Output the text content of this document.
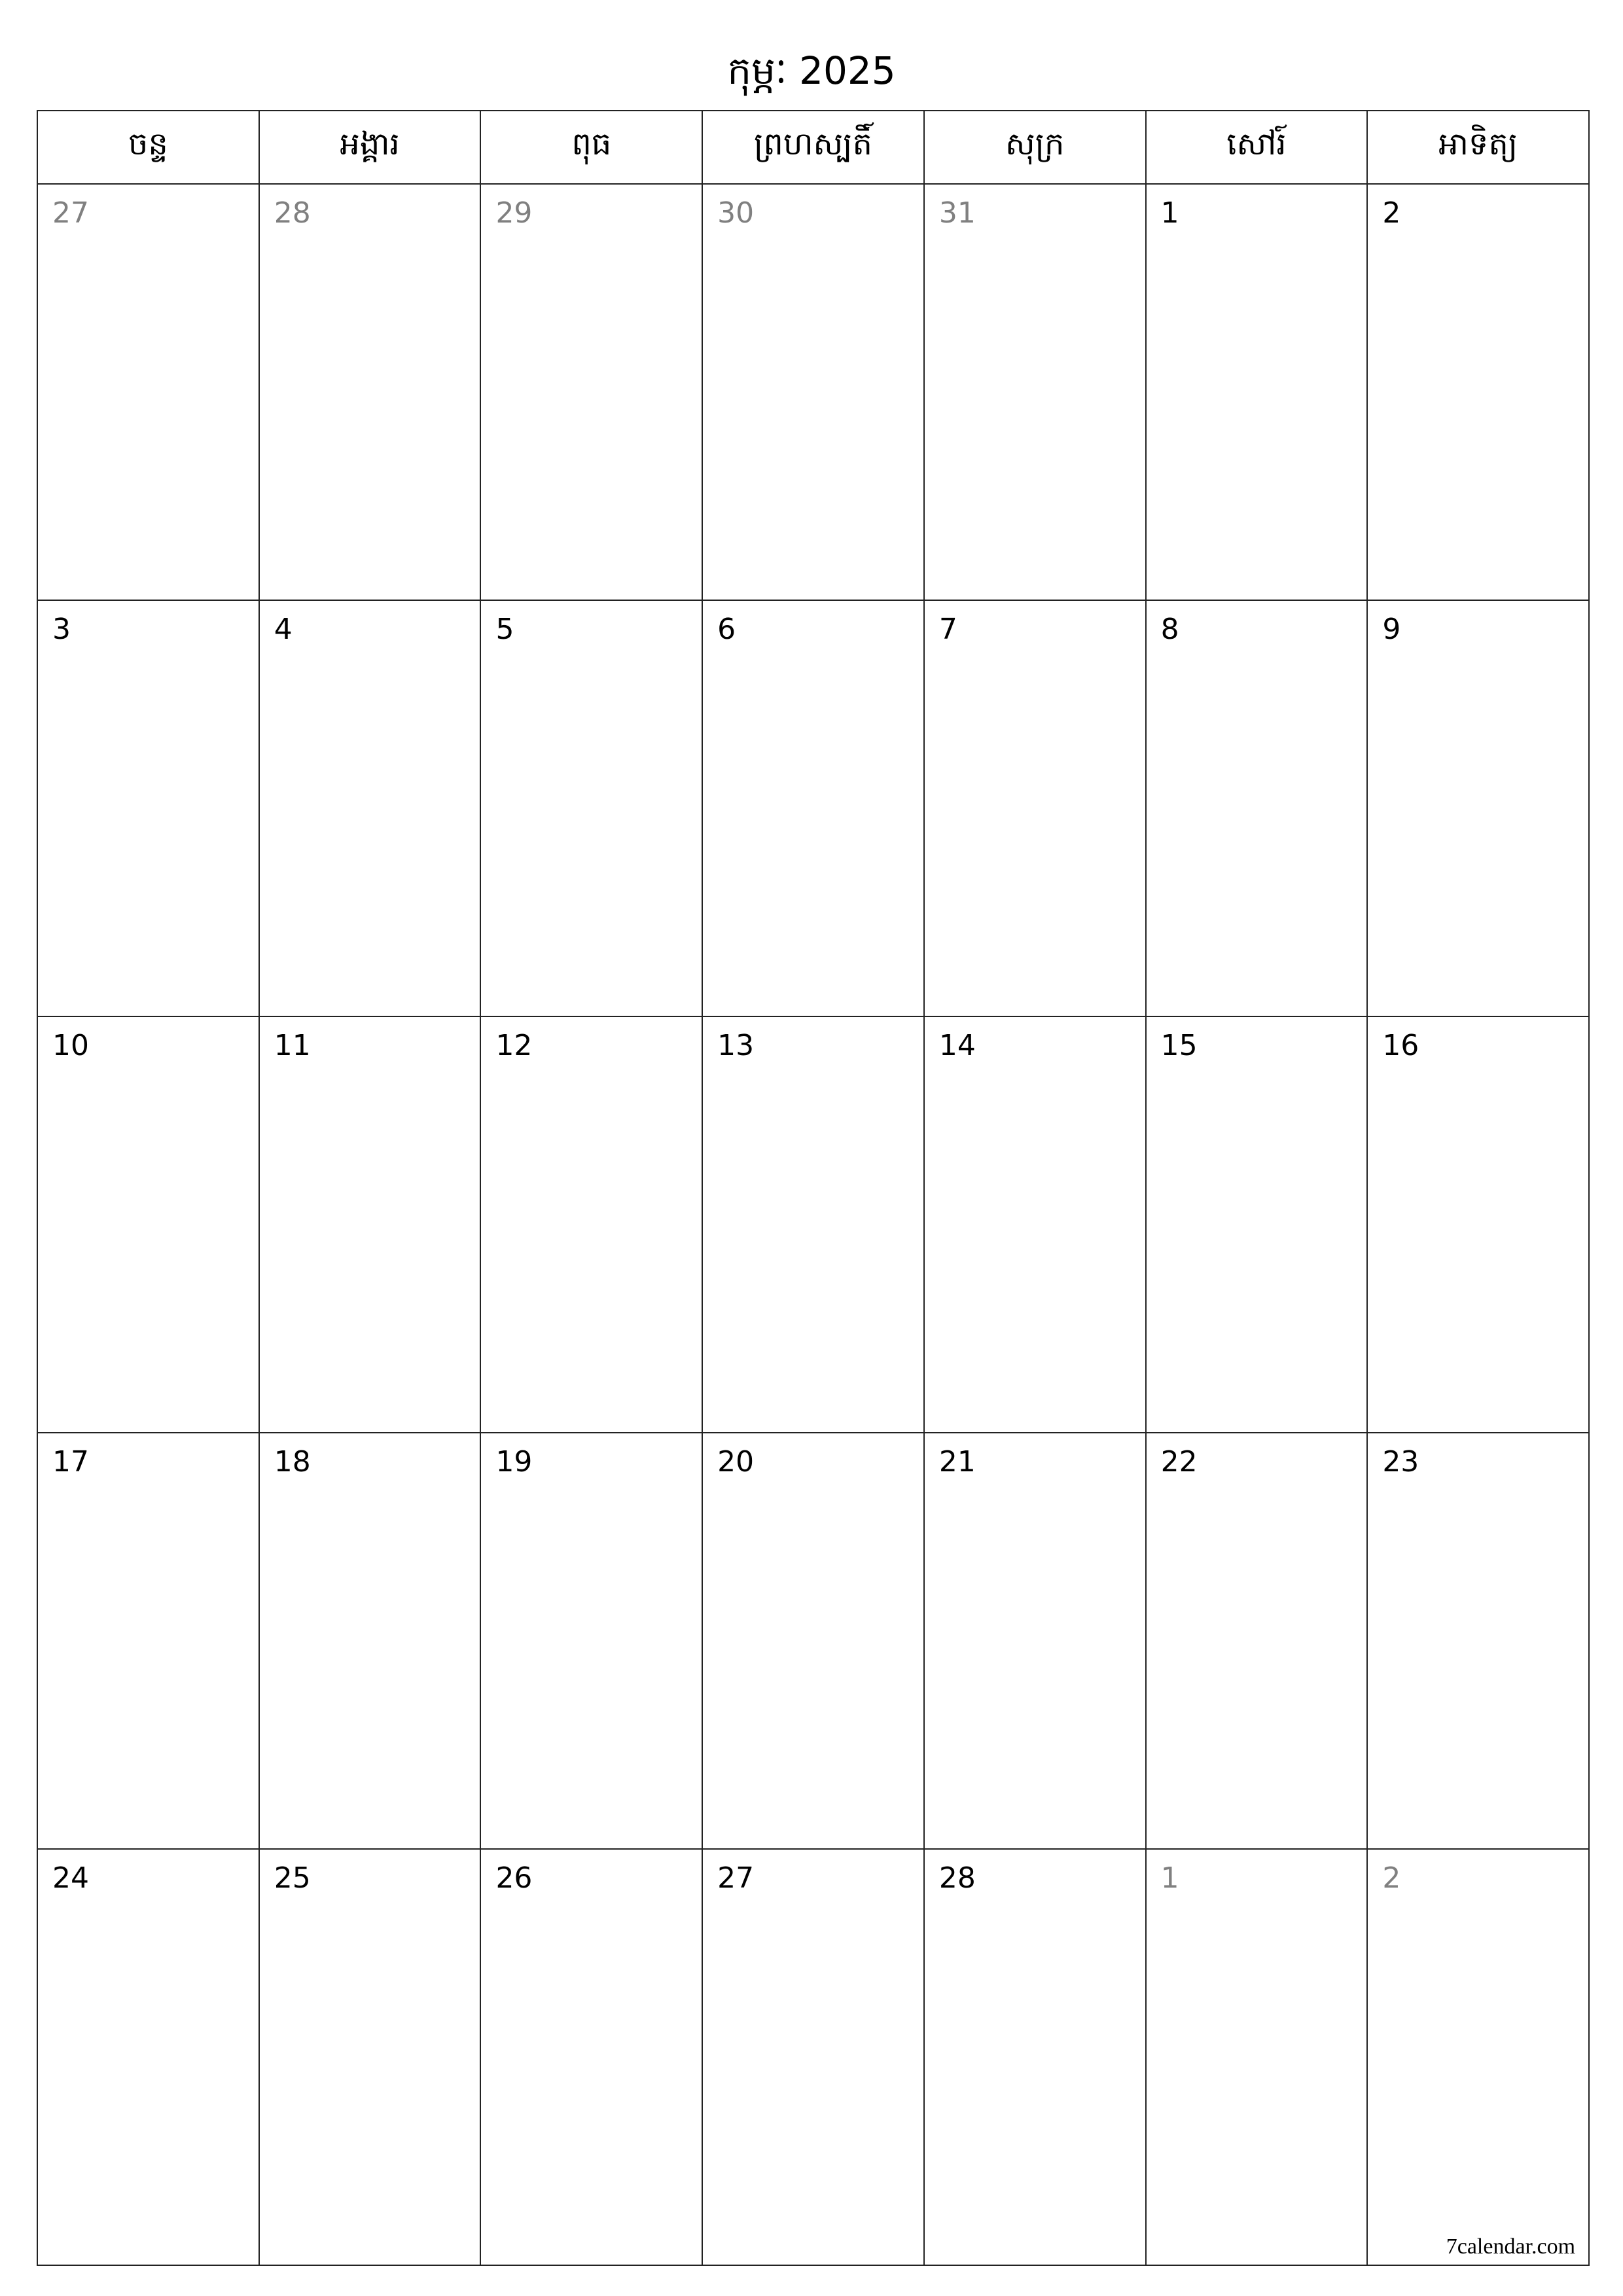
កុម្ភៈ 2025
ចន្ទ	អង្គារ	ពុធ	ព្រហស្បតិ៍	សុក្រ	សៅរ៍	អាទិត្យ
27	28	29	30	31	1	2
3	4	5	6	7	8	9
10	11	12	13	14	15	16
17	18	19	20	21	22	23
24	25	26	27	28	1	2
7calendar.com
